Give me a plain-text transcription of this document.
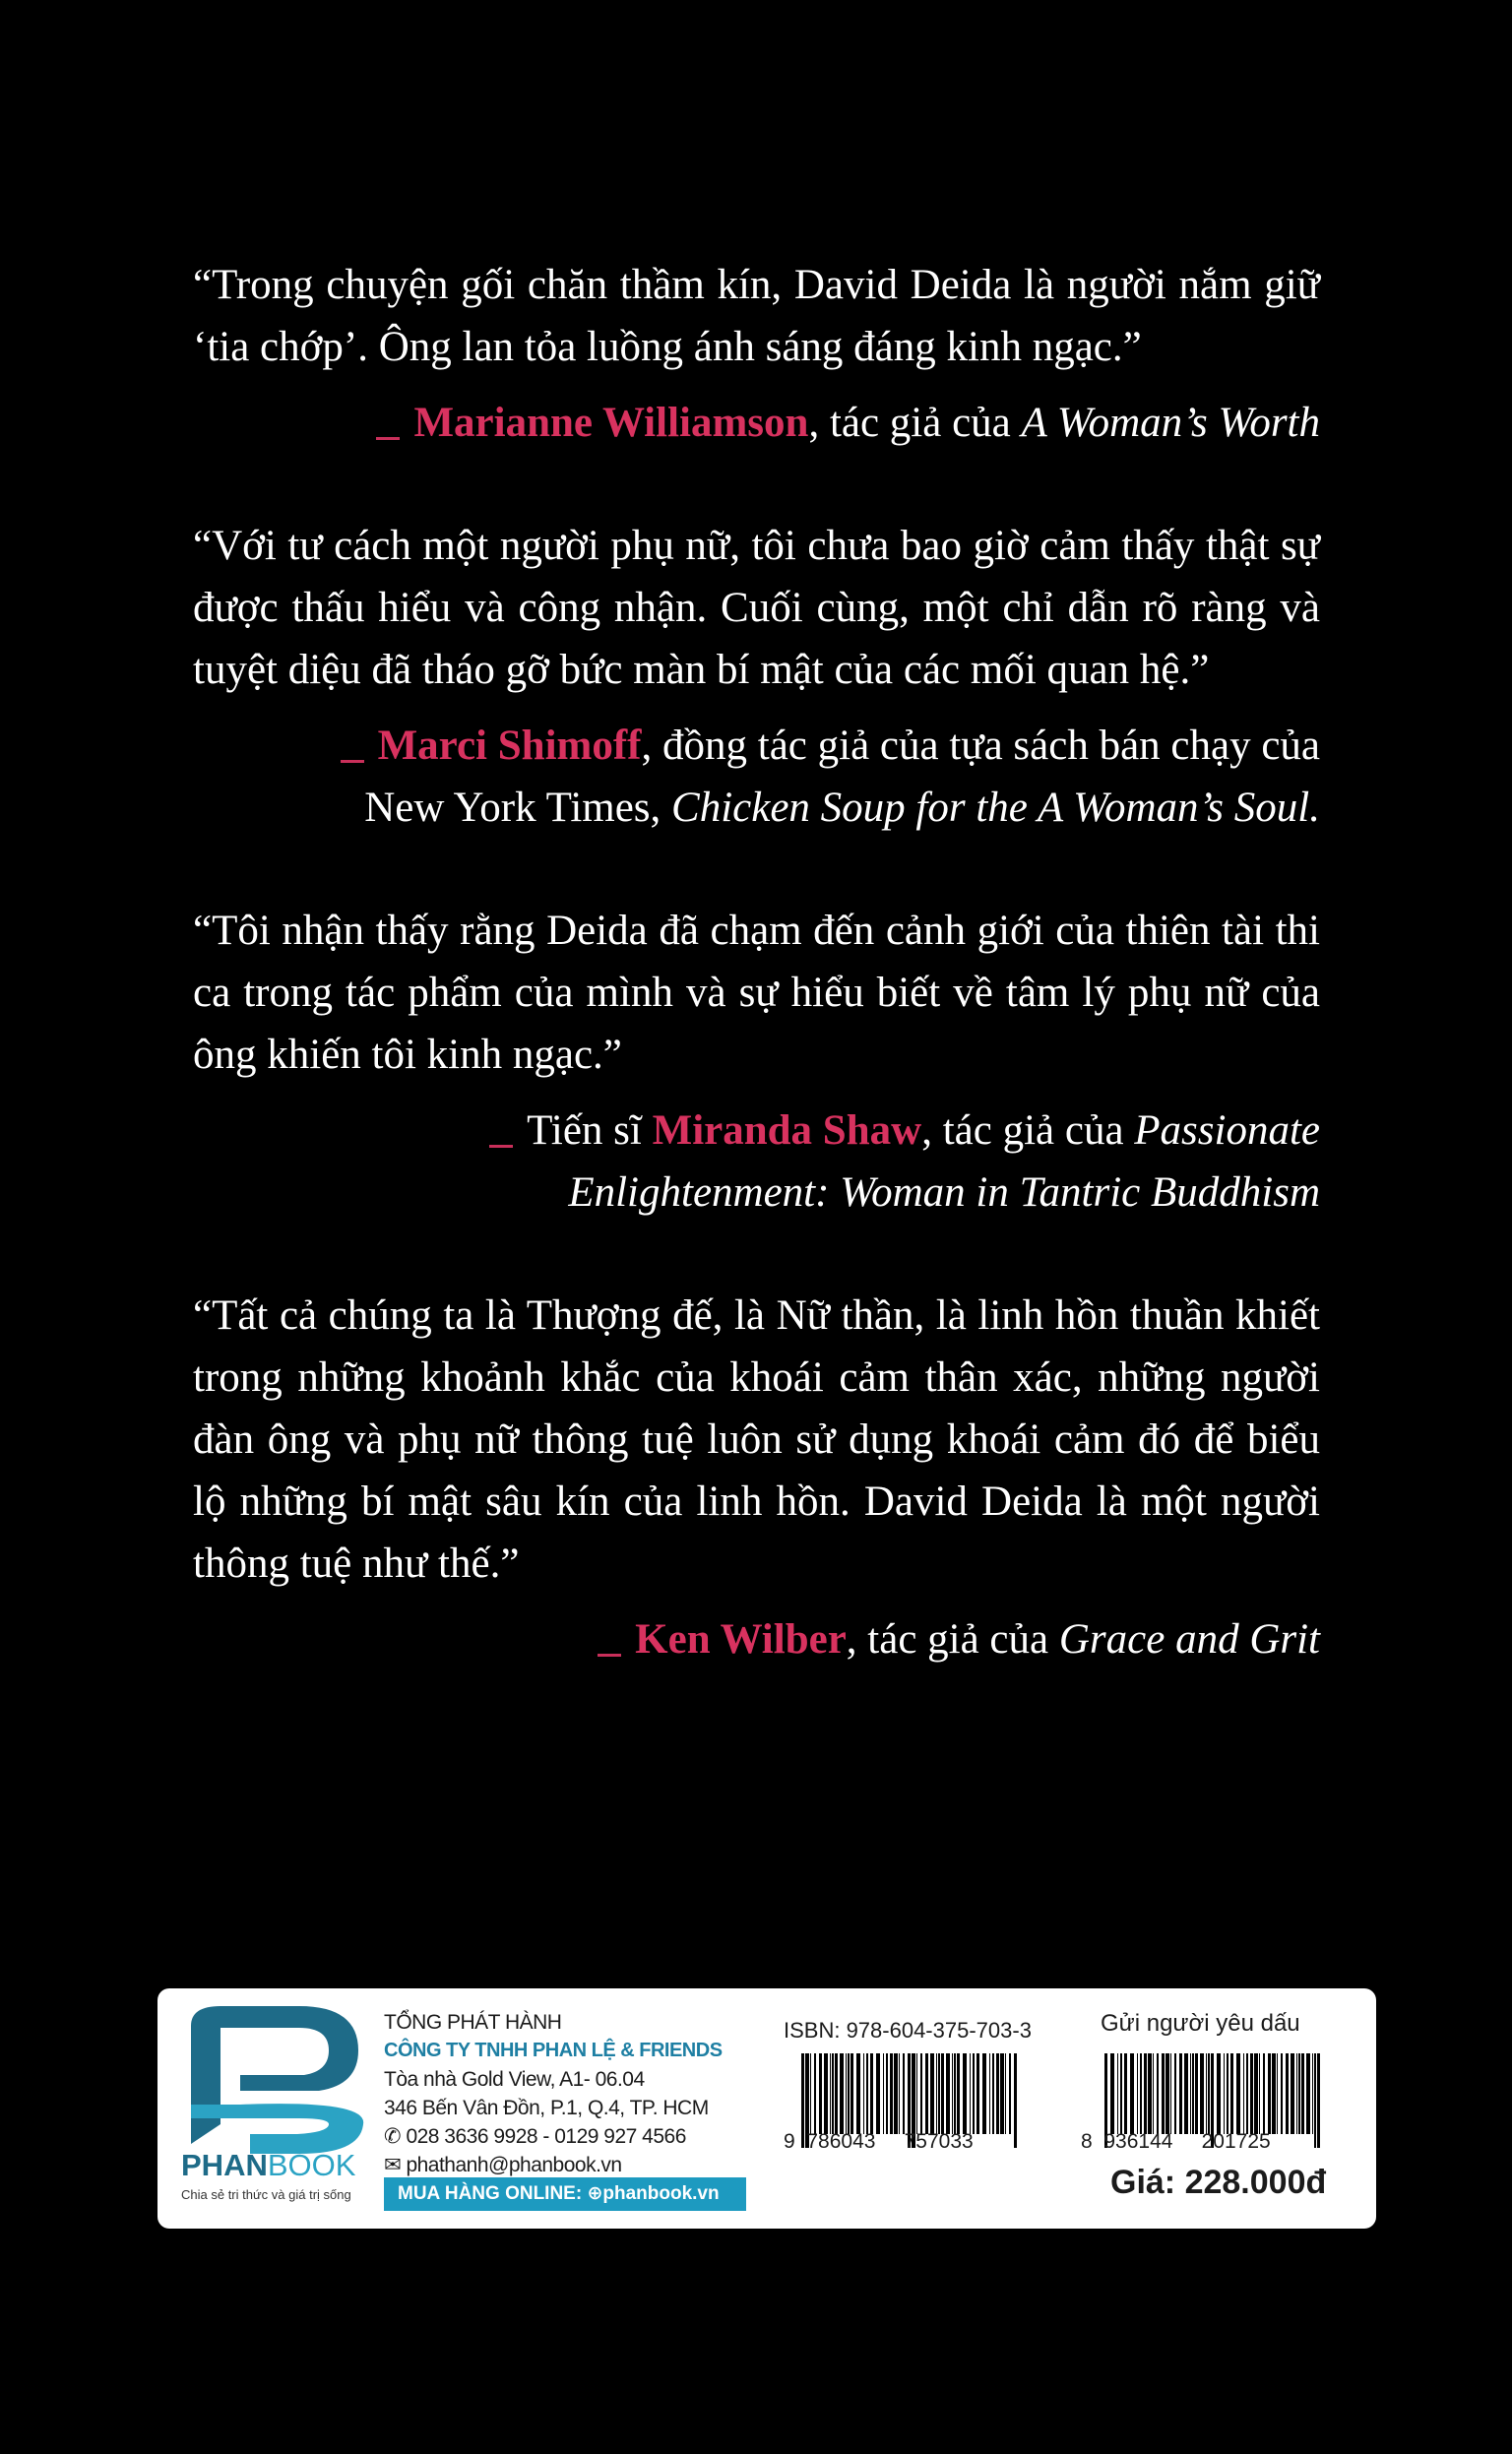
“Trong chuyện gối chăn thầm kín, David Deida là người nắm giữ ‘tia chớp’. Ông lan tỏa luồng ánh sáng đáng kinh ngạc.”

Marianne Williamson, tác giả của A Woman’s Worth

“Với tư cách một người phụ nữ, tôi chưa bao giờ cảm thấy thật sự được thấu hiểu và công nhận. Cuối cùng, một chỉ dẫn rõ ràng và tuyệt diệu đã tháo gỡ bức màn bí mật của các mối quan hệ.”

Marci Shimoff, đồng tác giả của tựa sách bán chạy của New York Times, Chicken Soup for the A Woman’s Soul.

“Tôi nhận thấy rằng Deida đã chạm đến cảnh giới của thiên tài thi ca trong tác phẩm của mình và sự hiểu biết về tâm lý phụ nữ của ông khiến tôi kinh ngạc.”

Tiến sĩ Miranda Shaw, tác giả của Passionate Enlightenment: Woman in Tantric Buddhism

“Tất cả chúng ta là Thượng đế, là Nữ thần, là linh hồn thuần khiết trong những khoảnh khắc của khoái cảm thân xác, những người đàn ông và phụ nữ thông tuệ luôn sử dụng khoái cảm đó để biểu lộ những bí mật sâu kín của linh hồn. David Deida là một người thông tuệ như thế.”

Ken Wilber, tác giả của Grace and Grit

PHANBOOK
Chia sẻ tri thức và giá trị sống
TỔNG PHÁT HÀNH
CÔNG TY TNHH PHAN LỆ & FRIENDS
Tòa nhà Gold View, A1- 06.04
346 Bến Vân Đồn, P.1, Q.4, TP. HCM
✆ 028 3636 9928 - 0129 927 4566
✉ phathanh@phanbook.vn
MUA HÀNG ONLINE: ⊕phanbook.vn
ISBN: 978-604-375-703-3
9 786043 757033
Gửi người yêu dấu
8 936144 201725
Giá: 228.000đ
